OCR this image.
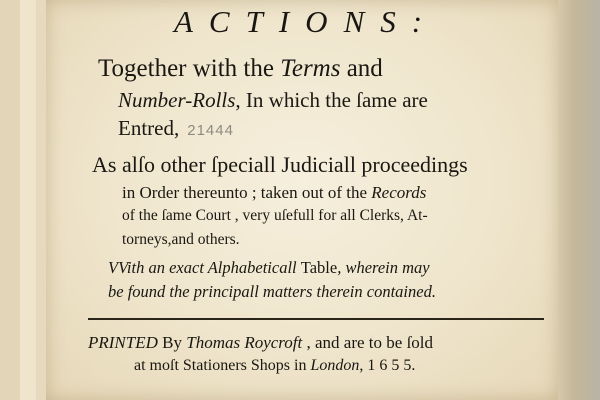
ACTIONS:
Together with the Terms and
Number-Rolls, In which the ſame are
Entred, 21444
As alſo other ſpeciall Judiciall proceedings
in Order thereunto ; taken out of the Records
of the ſame Court , very uſefull for all Clerks, At-
torneys,and others.
VVith an exact Alphabeticall Table, wherein may
be found the principall matters therein contained.
PRINTED By Thomas Roycroft , and are to be ſold
at moſt Stationers Shops in London, 1 6 5 5.
